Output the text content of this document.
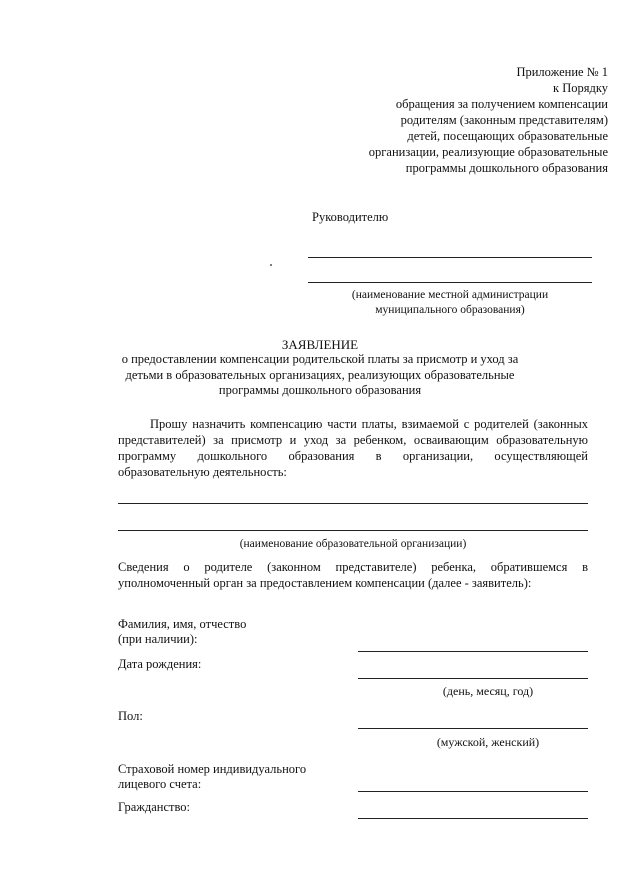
Приложение № 1
к Порядку
обращения за получением компенсации
родителям (законным представителям)
детей, посещающих образовательные
организации, реализующие образовательные
программы дошкольного образования
Руководителю
(наименование местной администрации
муниципального образования)
ЗАЯВЛЕНИЕ
о предоставлении компенсации родительской платы за присмотр и уход за детьми в образовательных организациях, реализующих образовательные программы дошкольного образования
Прошу назначить компенсацию части платы, взимаемой с родителей (законных представителей) за присмотр и уход за ребенком, осваивающим образовательную программу дошкольного образования в организации, осуществляющей образовательную деятельность:
(наименование образовательной организации)
Сведения о родителе (законном представителе) ребенка, обратившемся в уполномоченный орган за предоставлением компенсации (далее - заявитель):
Фамилия, имя, отчество
(при наличии):
Дата рождения:
(день, месяц, год)
Пол:
(мужской, женский)
Страховой номер индивидуального
лицевого счета:
Гражданство:
